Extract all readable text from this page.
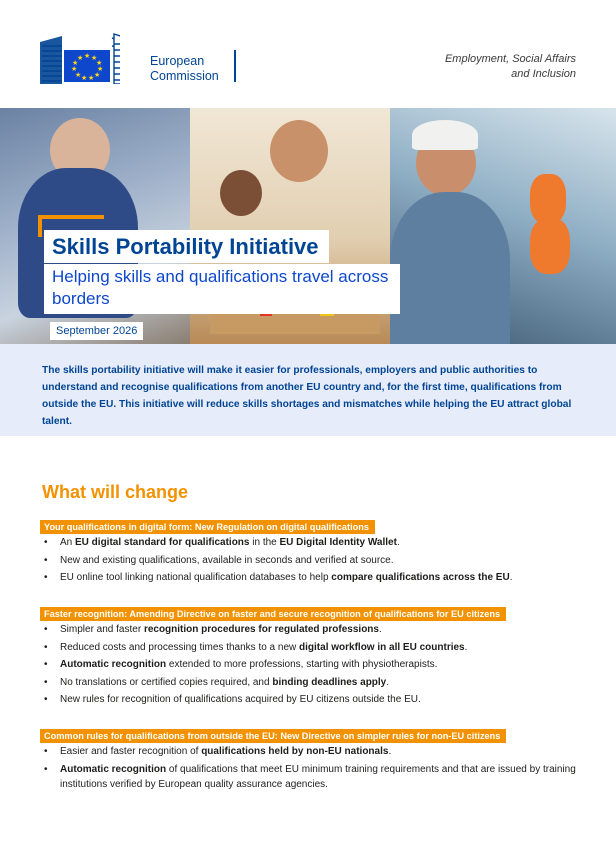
★ ★
★
★
★
★
★
★
★
★
★	European
Commission
Employment, Social Affairs
and Inclusion
Skills Portability Initiative
Helping skills and qualifications travel across borders
September 2026

The skills portability initiative will make it easier for professionals, employers and public authorities to understand and recognise qualifications from another EU country and, for the first time, qualifications from outside the EU. This initiative will reduce skills shortages and mismatches while helping the EU attract global talent.

What will change
Your qualifications in digital form: New Regulation on digital qualifications
• An EU digital standard for qualifications in the EU Digital Identity Wallet.
• New and existing qualifications, available in seconds and verified at source.
• EU online tool linking national qualification databases to help compare qualifications across the EU.
Faster recognition: Amending Directive on faster and secure recognition of qualifications for EU citizens
• Simpler and faster recognition procedures for regulated professions.
• Reduced costs and processing times thanks to a new digital workflow in all EU countries.
• Automatic recognition extended to more professions, starting with physiotherapists.
• No translations or certified copies required, and binding deadlines apply.
• New rules for recognition of qualifications acquired by EU citizens outside the EU.
Common rules for qualifications from outside the EU: New Directive on simpler rules for non-EU citizens
• Easier and faster recognition of qualifications held by non-EU nationals.
• Automatic recognition of qualifications that meet EU minimum training requirements and that are issued by training institutions verified by European quality assurance agencies.
